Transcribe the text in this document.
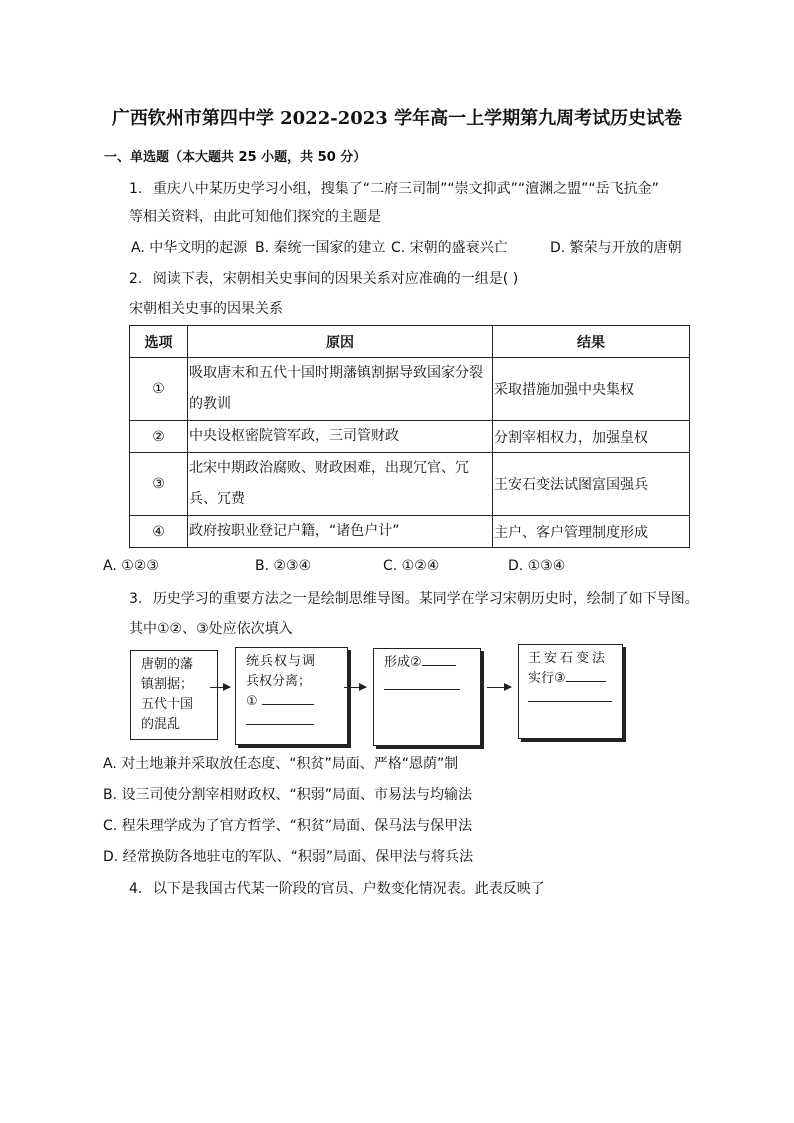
广西钦州市第四中学 2022-2023 学年高一上学期第九周考试历史试卷
一、单选题（本大题共 25 小题，共 50 分）
1. 重庆八中某历史学习小组，搜集了“二府三司制”“崇文抑武”“澶渊之盟”“岳飞抗金”
等相关资料，由此可知他们探究的主题是
A. 中华文明的起源 B. 秦统一国家的建立 C. 宋朝的盛衰兴亡	D. 繁荣与开放的唐朝
2. 阅读下表，宋朝相关史事间的因果关系对应准确的一组是( )
宋朝相关史事的因果关系
选项	原因	结果
①	吸取唐末和五代十国时期藩镇割据导致国家分裂的教训	采取措施加强中央集权
②	中央设枢密院管军政，三司管财政	分割宰相权力，加强皇权
③	北宋中期政治腐败、财政困难，出现冗官、冗兵、冗费	王安石变法试图富国强兵
④	政府按职业登记户籍，“诸色户计”	主户、客户管理制度形成
A. ①②③	B. ②③④	C. ①②④	D. ①③④
3. 历史学习的重要方法之一是绘制思维导图。某同学在学习宋朝历史时，绘制了如下导图。
其中①②、③处应依次填入
唐朝的藩
镇割据；
五代十国
的混乱
统兵权与调
兵权分离；
①
形成②	王安石变法
实行③
A. 对土地兼并采取放任态度、“积贫”局面、严格“恩荫”制
B. 设三司使分割宰相财政权、“积弱”局面、市易法与均输法
C. 程朱理学成为了官方哲学、“积贫”局面、保马法与保甲法
D. 经常换防各地驻屯的军队、“积弱”局面、保甲法与将兵法
4. 以下是我国古代某一阶段的官员、户数变化情况表。此表反映了
